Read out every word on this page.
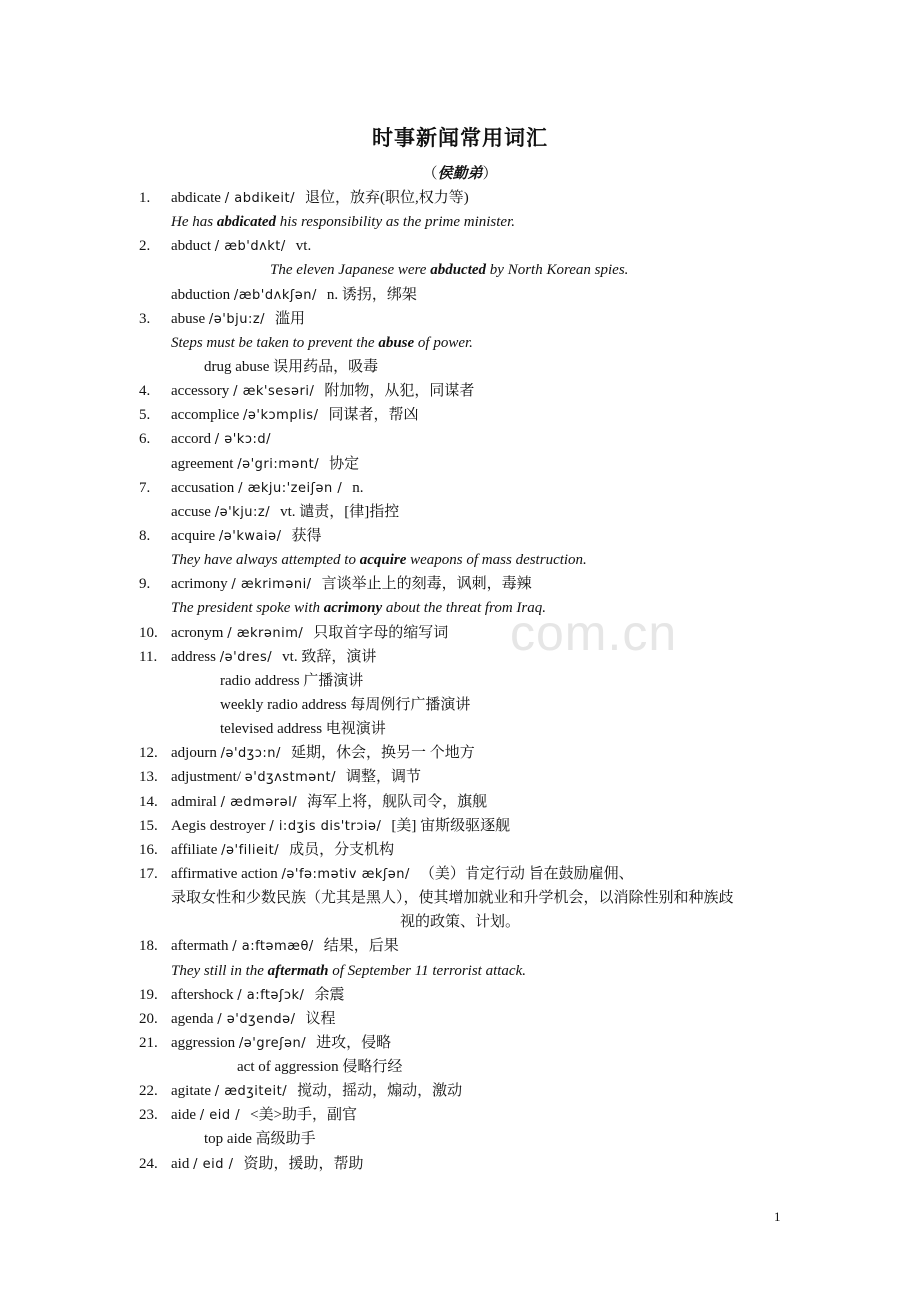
时事新闻常用词汇
（侯勤弟）
1. abdicate / abdikeit/ 退位，放弃(职位,权力等)
He has abdicated his responsibility as the prime minister.
2. abduct / æb'dʌkt/ vt.
The eleven Japanese were abducted by North Korean spies.
abduction /æb'dʌkʃən/ n. 诱拐，绑架
3. abuse /ə'bju:z/ 滥用
Steps must be taken to prevent the abuse of power.
drug abuse 误用药品，吸毒
4. accessory / æk'sesəri/ 附加物，从犯，同谋者
5. accomplice /ə'kɔmplis/ 同谋者，帮凶
6. accord / ə'kɔ:d/
agreement /ə'gri:mənt/ 协定
7. accusation / ækju:'zeiʃən / n.
accuse /ə'kju:z/ vt. 谴责，[律]指控
8. acquire /ə'kwaiə/ 获得
They have always attempted to acquire weapons of mass destruction.
9. acrimony / ækriməni/ 言谈举止上的刻毒，讽刺，毒辣
The president spoke with acrimony about the threat from Iraq.
10. acronym / ækrənim/ 只取首字母的缩写词
11. address /ə'dres/ vt. 致辞，演讲
radio address 广播演讲
weekly radio address 每周例行广播演讲
televised address 电视演讲
12. adjourn /ə'dʒɔ:n/ 延期，休会，换另一 个地方
13. adjustment/ ə'dʒʌstmənt/ 调整，调节
14. admiral / ædmərəl/ 海军上将，舰队司令，旗舰
15. Aegis destroyer / i:dʒis dis'trɔiə/ [美] 宙斯级驱逐舰
16. affiliate /ə'filieit/ 成员，分支机构
17. affirmative action /ə'fə:mətiv ækʃən/ （美）肯定行动 旨在鼓励雇佣、
录取女性和少数民族（尤其是黑人），使其增加就业和升学机会，以消除性别和种族歧
视的政策、计划。
18. aftermath / a:ftəmæθ/ 结果，后果
They still in the aftermath of September 11 terrorist attack.
19. aftershock / a:ftəʃɔk/ 余震
20. agenda / ə'dʒendə/ 议程
21. aggression /ə'greʃən/ 进攻，侵略
act of aggression 侵略行经
22. agitate / ædʒiteit/ 搅动，摇动，煽动，激动
23. aide / eid / <美>助手，副官
top aide 高级助手
24. aid / eid / 资助，援助，帮助
com.cn
1
